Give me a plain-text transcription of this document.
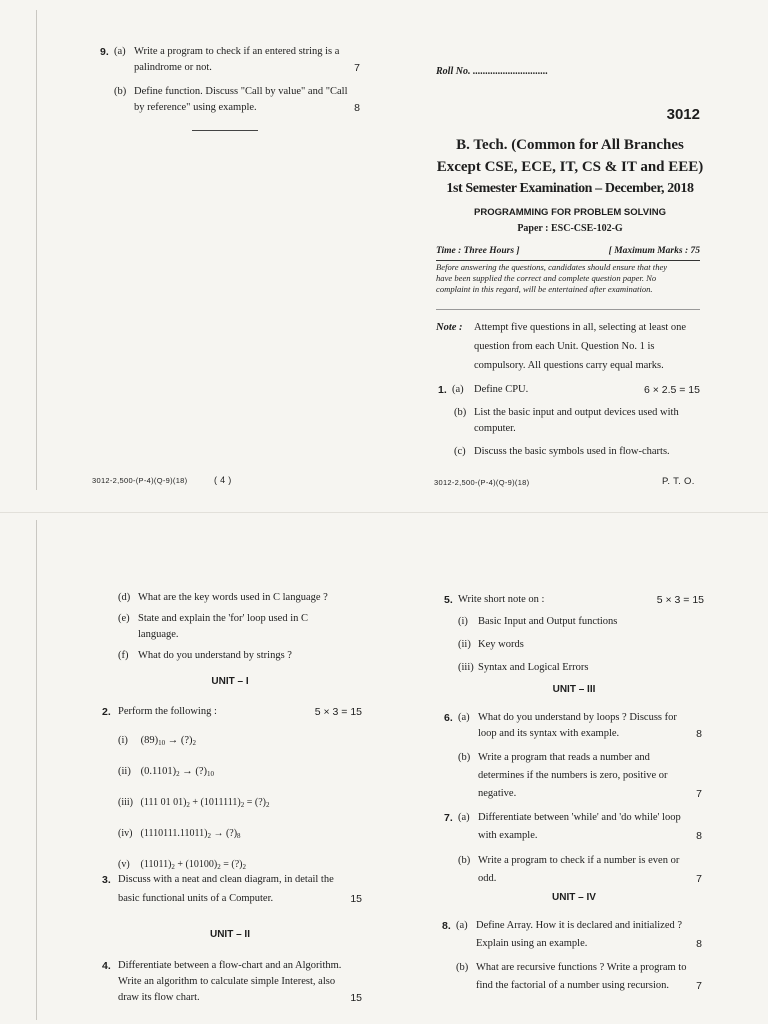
9. (a) Write a program to check if an entered string is a
palindrome or not.	7
(b) Define function. Discuss "Call by value" and "Call
by reference" using example.	8
3012-2,500-(P-4)(Q-9)(18)	( 4 )
Roll No. ..............................
3012
B. Tech. (Common for All Branches
Except CSE, ECE, IT, CS & IT and EEE)
1st Semester Examination – December, 2018
PROGRAMMING FOR PROBLEM SOLVING
Paper : ESC-CSE-102-G
Time : Three Hours ]	[ Maximum Marks : 75
Before answering the questions, candidates should ensure that they
have been supplied the correct and complete question paper. No
complaint in this regard, will be entertained after examination.
Note : Attempt five questions in all, selecting at least one
question from each Unit. Question No. 1 is
compulsory. All questions carry equal marks.
1. (a) Define CPU.	6 × 2.5 = 15
(b) List the basic input and output devices used with
computer.
(c) Discuss the basic symbols used in flow-charts.
3012-2,500-(P-4)(Q-9)(18)	P. T. O.
(d) What are the key words used in C language ?
(e) State and explain the 'for' loop used in C
language.
(f) What do you understand by strings ?
UNIT – I
2. Perform the following :	5 × 3 = 15
(i) $(89)_{10}$ → $(?)_2$
(ii) $(0.1101)_2$ → $(?)_{10}$
(iii) (111 01 $01)_2 + (1011111)_2$ = $(?)_2$
(iv) $(1110111.11011)_2$ → $(?)_8$
(v) $(11011)_2 + (10100)_2$ = $(?)_2$
3. Discuss with a neat and clean diagram, in detail the
basic functional units of a Computer.	15
UNIT – II
4. Differentiate between a flow-chart and an Algorithm.
Write an algorithm to calculate simple Interest, also
draw its flow chart.	15
5. Write short note on :	5 × 3 = 15
(i) Basic Input and Output functions
(ii) Key words
(iii) Syntax and Logical Errors
UNIT – III
6. (a) What do you understand by loops ? Discuss for
loop and its syntax with example.	8
(b) Write a program that reads a number and
determines if the numbers is zero, positive or
negative.	7
7. (a) Differentiate between 'while' and 'do while' loop
with example.	8
(b) Write a program to check if a number is even or
odd.	7
UNIT – IV
8. (a) Define Array. How it is declared and initialized ?
Explain using an example.	8
(b) What are recursive functions ? Write a program to
find the factorial of a number using recursion.	7
